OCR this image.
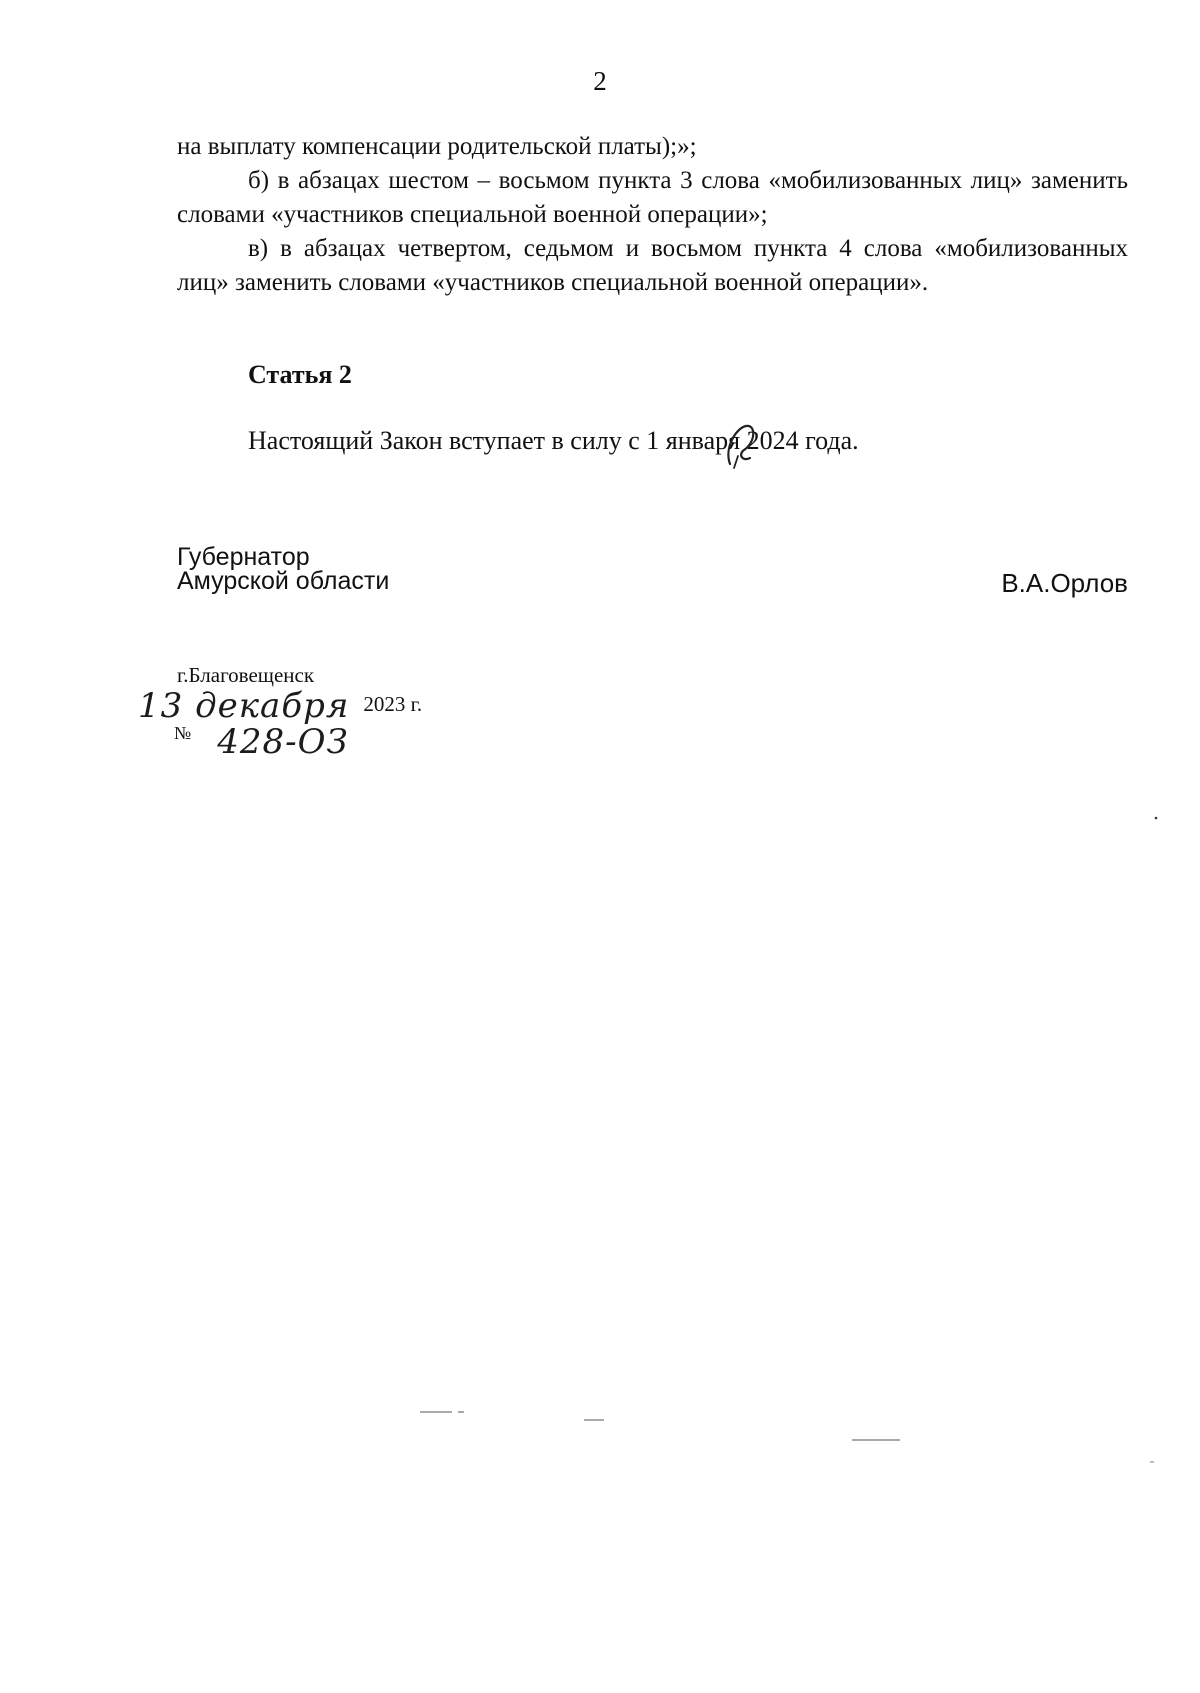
2

на выплату компенсации родительской платы);»;

б) в абзацах шестом – восьмом пункта 3 слова «мобилизованных лиц» заменить словами «участников специальной военной операции»;

в) в абзацах четвертом, седьмом и восьмом пункта 4 слова «мобилизованных лиц» заменить словами «участников специальной военной операции».

Статья 2
Настоящий Закон вступает в силу с 1 января 2024 года.
Губернатор
Амурской области	В.А.Орлов
г.Благовещенск
13 декабря 2023 г.
№ 428-ОЗ
